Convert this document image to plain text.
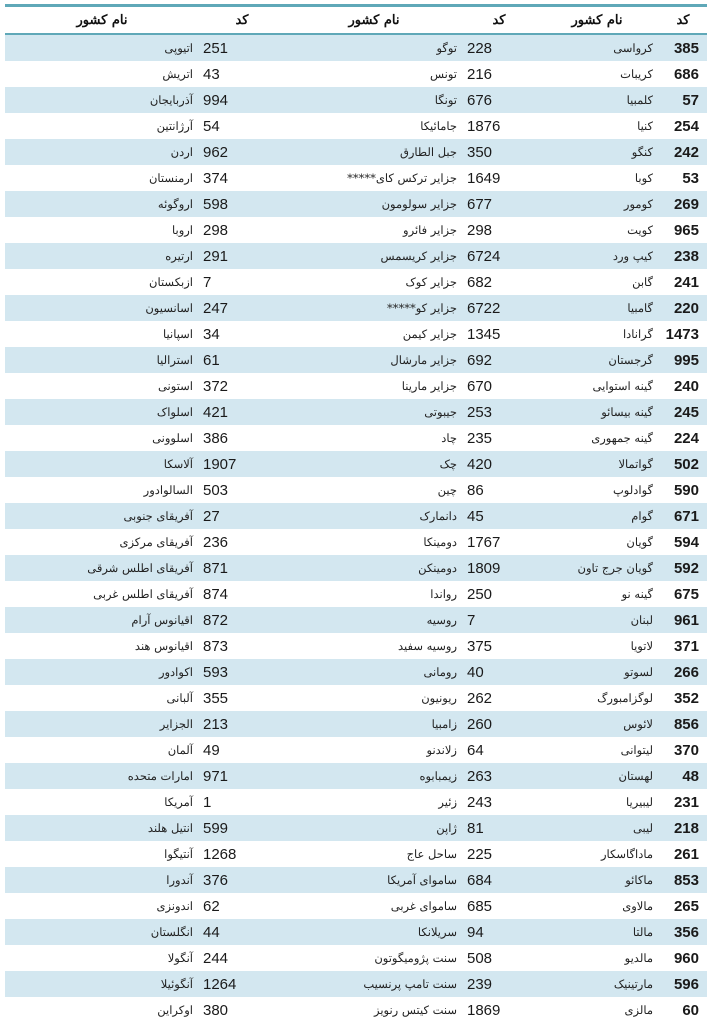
کد	نام کشور	کد	نام کشور	کد	نام کشور
385	کرواسی	228	توگو	251	اتیوپی
686	کریبات	216	تونس	43	اتریش
57	کلمبیا	676	تونگا	994	آذربایجان
254	کنیا	1876	جامائیکا	54	آرژانتین
242	کنگو	350	جبل الطارق	962	اردن
53	کوبا	1649	جزایر ترکس کای*****	374	ارمنستان
269	کومور	677	جزایر سولومون	598	اروگوئه
965	کویت	298	جزایر فائرو	298	اروبا
238	کیپ ورد	6724	جزایر کریسمس	291	ارتیره
241	گابن	682	جزایر کوک	7	ازبکستان
220	گامبیا	6722	جزایر کو*****	247	اسانسیون
1473	گرانادا	1345	جزایر کیمن	34	اسپانیا
995	گرجستان	692	جزایر مارشال	61	استرالیا
240	گینه استوایی	670	جزایر مارینا	372	استونی
245	گینه بیسائو	253	جیبوتی	421	اسلواک
224	گینه جمهوری	235	چاد	386	اسلوونی
502	گواتمالا	420	چک	1907	آلاسکا
590	گوادلوپ	86	چین	503	السالوادور
671	گوام	45	دانمارک	27	آفریقای جنوبی
594	گویان	1767	دومینکا	236	آفریقای مرکزی
592	گویان جرج تاون	1809	دومینکن	871	آفریقای اطلس شرقی
675	گینه نو	250	رواندا	874	آفریقای اطلس غربی
961	لبنان	7	روسیه	872	اقیانوس آرام
371	لاتویا	375	روسیه سفید	873	اقیانوس هند
266	لسوتو	40	رومانی	593	اکوادور
352	لوگزامبورگ	262	ریونیون	355	آلبانی
856	لائوس	260	زامبیا	213	الجزایر
370	لیتوانی	64	زلاندنو	49	آلمان
48	لهستان	263	زیمبابوه	971	امارات متحده
231	لیبیریا	243	زئیر	1	آمریکا
218	لیبی	81	ژاپن	599	انتیل هلند
261	ماداگاسکار	225	ساحل عاج	1268	آنتیگوا
853	ماکائو	684	ساموای آمریکا	376	آندورا
265	مالاوی	685	ساموای غربی	62	اندونزی
356	مالتا	94	سریلانکا	44	انگلستان
960	مالدیو	508	سنت پژومیگوتون	244	آنگولا
596	مارتینیک	239	سنت تامپ پرنسیب	1264	آنگوئیلا
60	مالزی	1869	سنت کیتس رنویز	380	اوکراین
